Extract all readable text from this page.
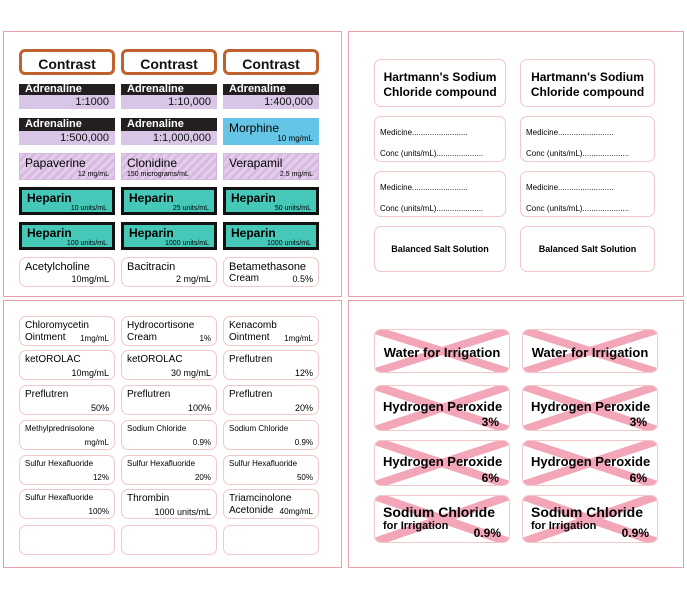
Contrast	Contrast	Contrast
Adrenaline
1:1000
Adrenaline
1:10,000
Adrenaline
1:400,000
Adrenaline
1:500,000
Adrenaline
1:1,000,000
Morphine
10 mg/mL
Papaverine
12 mg/mL
Clonidine
150 micrograms/mL
Verapamil
2.5 mg/mL
Heparin
10 units/mL
Heparin
25 units/mL
Heparin
50 units/mL
Heparin
100 units/mL
Heparin
1000 units/mL
Heparin
1000 units/mL
Acetylcholine
10mg/mL
Bacitracin
2 mg/mL
Betamethasone
Cream	0.5%
Hartmann's Sodium
Chloride compound
Hartmann's Sodium
Chloride compound
Medicine.........................
Conc (units/mL).....................
Medicine.........................
Conc (units/mL).....................
Medicine.........................
Conc (units/mL).....................
Medicine.........................
Conc (units/mL).....................
Balanced Salt Solution	Balanced Salt Solution
Chloromycetin
Ointment 1mg/mL
Hydrocortisone
Cream	1%
Kenacomb
Ointment 1mg/mL
ketOROLAC
10mg/mL
ketOROLAC
30 mg/mL
Preflutren
12%
Preflutren
50%
Preflutren
100%
Preflutren
20%
Methylprednisolone
mg/mL
Sodium Chloride
0.9%
Sodium Chloride
0.9%
Sulfur Hexafluoride
12%
Sulfur Hexafluoride
20%
Sulfur Hexafluoride
50%
Sulfur Hexafluoride
100%
Thrombin
1000 units/mL
Triamcinolone
Acetonide 40mg/mL
Water for Irrigation	Water for Irrigation
Hydrogen Peroxide
3%
Hydrogen Peroxide
3%
Hydrogen Peroxide
6%
Hydrogen Peroxide
6%
Sodium Chloride
for Irrigation 0.9%
Sodium Chloride
for Irrigation 0.9%
